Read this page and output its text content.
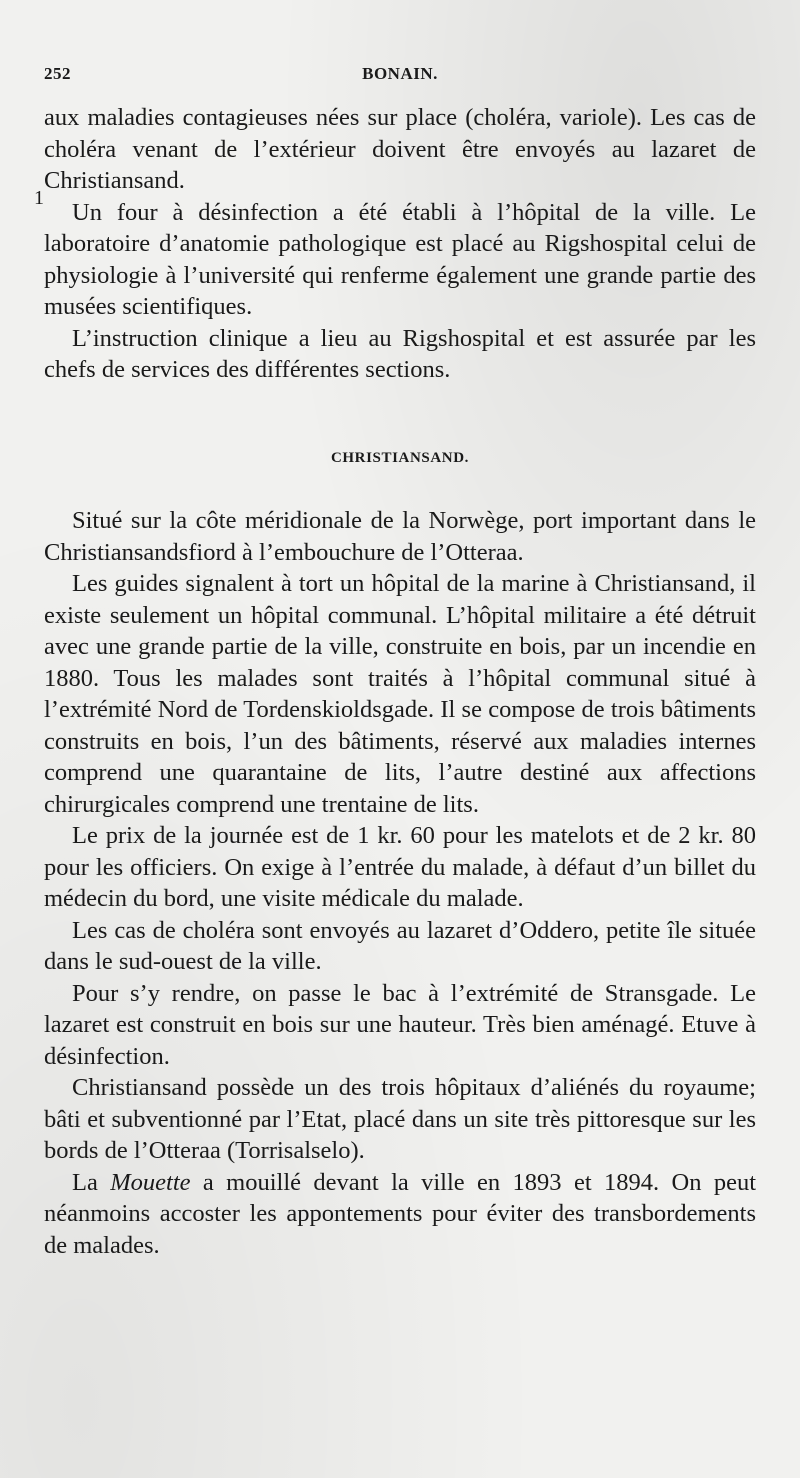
252	BONAIN.
1

aux maladies contagieuses nées sur place (choléra, variole). Les cas de choléra venant de l’extérieur doivent être envoyés au lazaret de Christiansand.

Un four à désinfection a été établi à l’hôpital de la ville. Le laboratoire d’anatomie pathologique est placé au Rigshospital celui de physiologie à l’université qui renferme également une grande partie des musées scientifiques.

L’instruction clinique a lieu au Rigshospital et est assurée par les chefs de services des différentes sections.

CHRISTIANSAND.

Situé sur la côte méridionale de la Norwège, port important dans le Christiansandsfiord à l’embouchure de l’Otteraa.

Les guides signalent à tort un hôpital de la marine à Christiansand, il existe seulement un hôpital communal. L’hôpital militaire a été détruit avec une grande partie de la ville, construite en bois, par un incendie en 1880. Tous les malades sont traités à l’hôpital communal situé à l’extrémité Nord de Tordenskioldsgade. Il se compose de trois bâtiments construits en bois, l’un des bâtiments, réservé aux maladies internes comprend une quarantaine de lits, l’autre destiné aux affections chirurgicales comprend une trentaine de lits.

Le prix de la journée est de 1 kr. 60 pour les matelots et de 2 kr. 80 pour les officiers. On exige à l’entrée du malade, à défaut d’un billet du médecin du bord, une visite médicale du malade.

Les cas de choléra sont envoyés au lazaret d’Oddero, petite île située dans le sud-ouest de la ville.

Pour s’y rendre, on passe le bac à l’extrémité de Stransgade. Le lazaret est construit en bois sur une hauteur. Très bien aménagé. Etuve à désinfection.

Christiansand possède un des trois hôpitaux d’aliénés du royaume; bâti et subventionné par l’Etat, placé dans un site très pittoresque sur les bords de l’Otteraa (Torrisalselo).

La Mouette a mouillé devant la ville en 1893 et 1894. On peut néanmoins accoster les appontements pour éviter des transbordements de malades.
